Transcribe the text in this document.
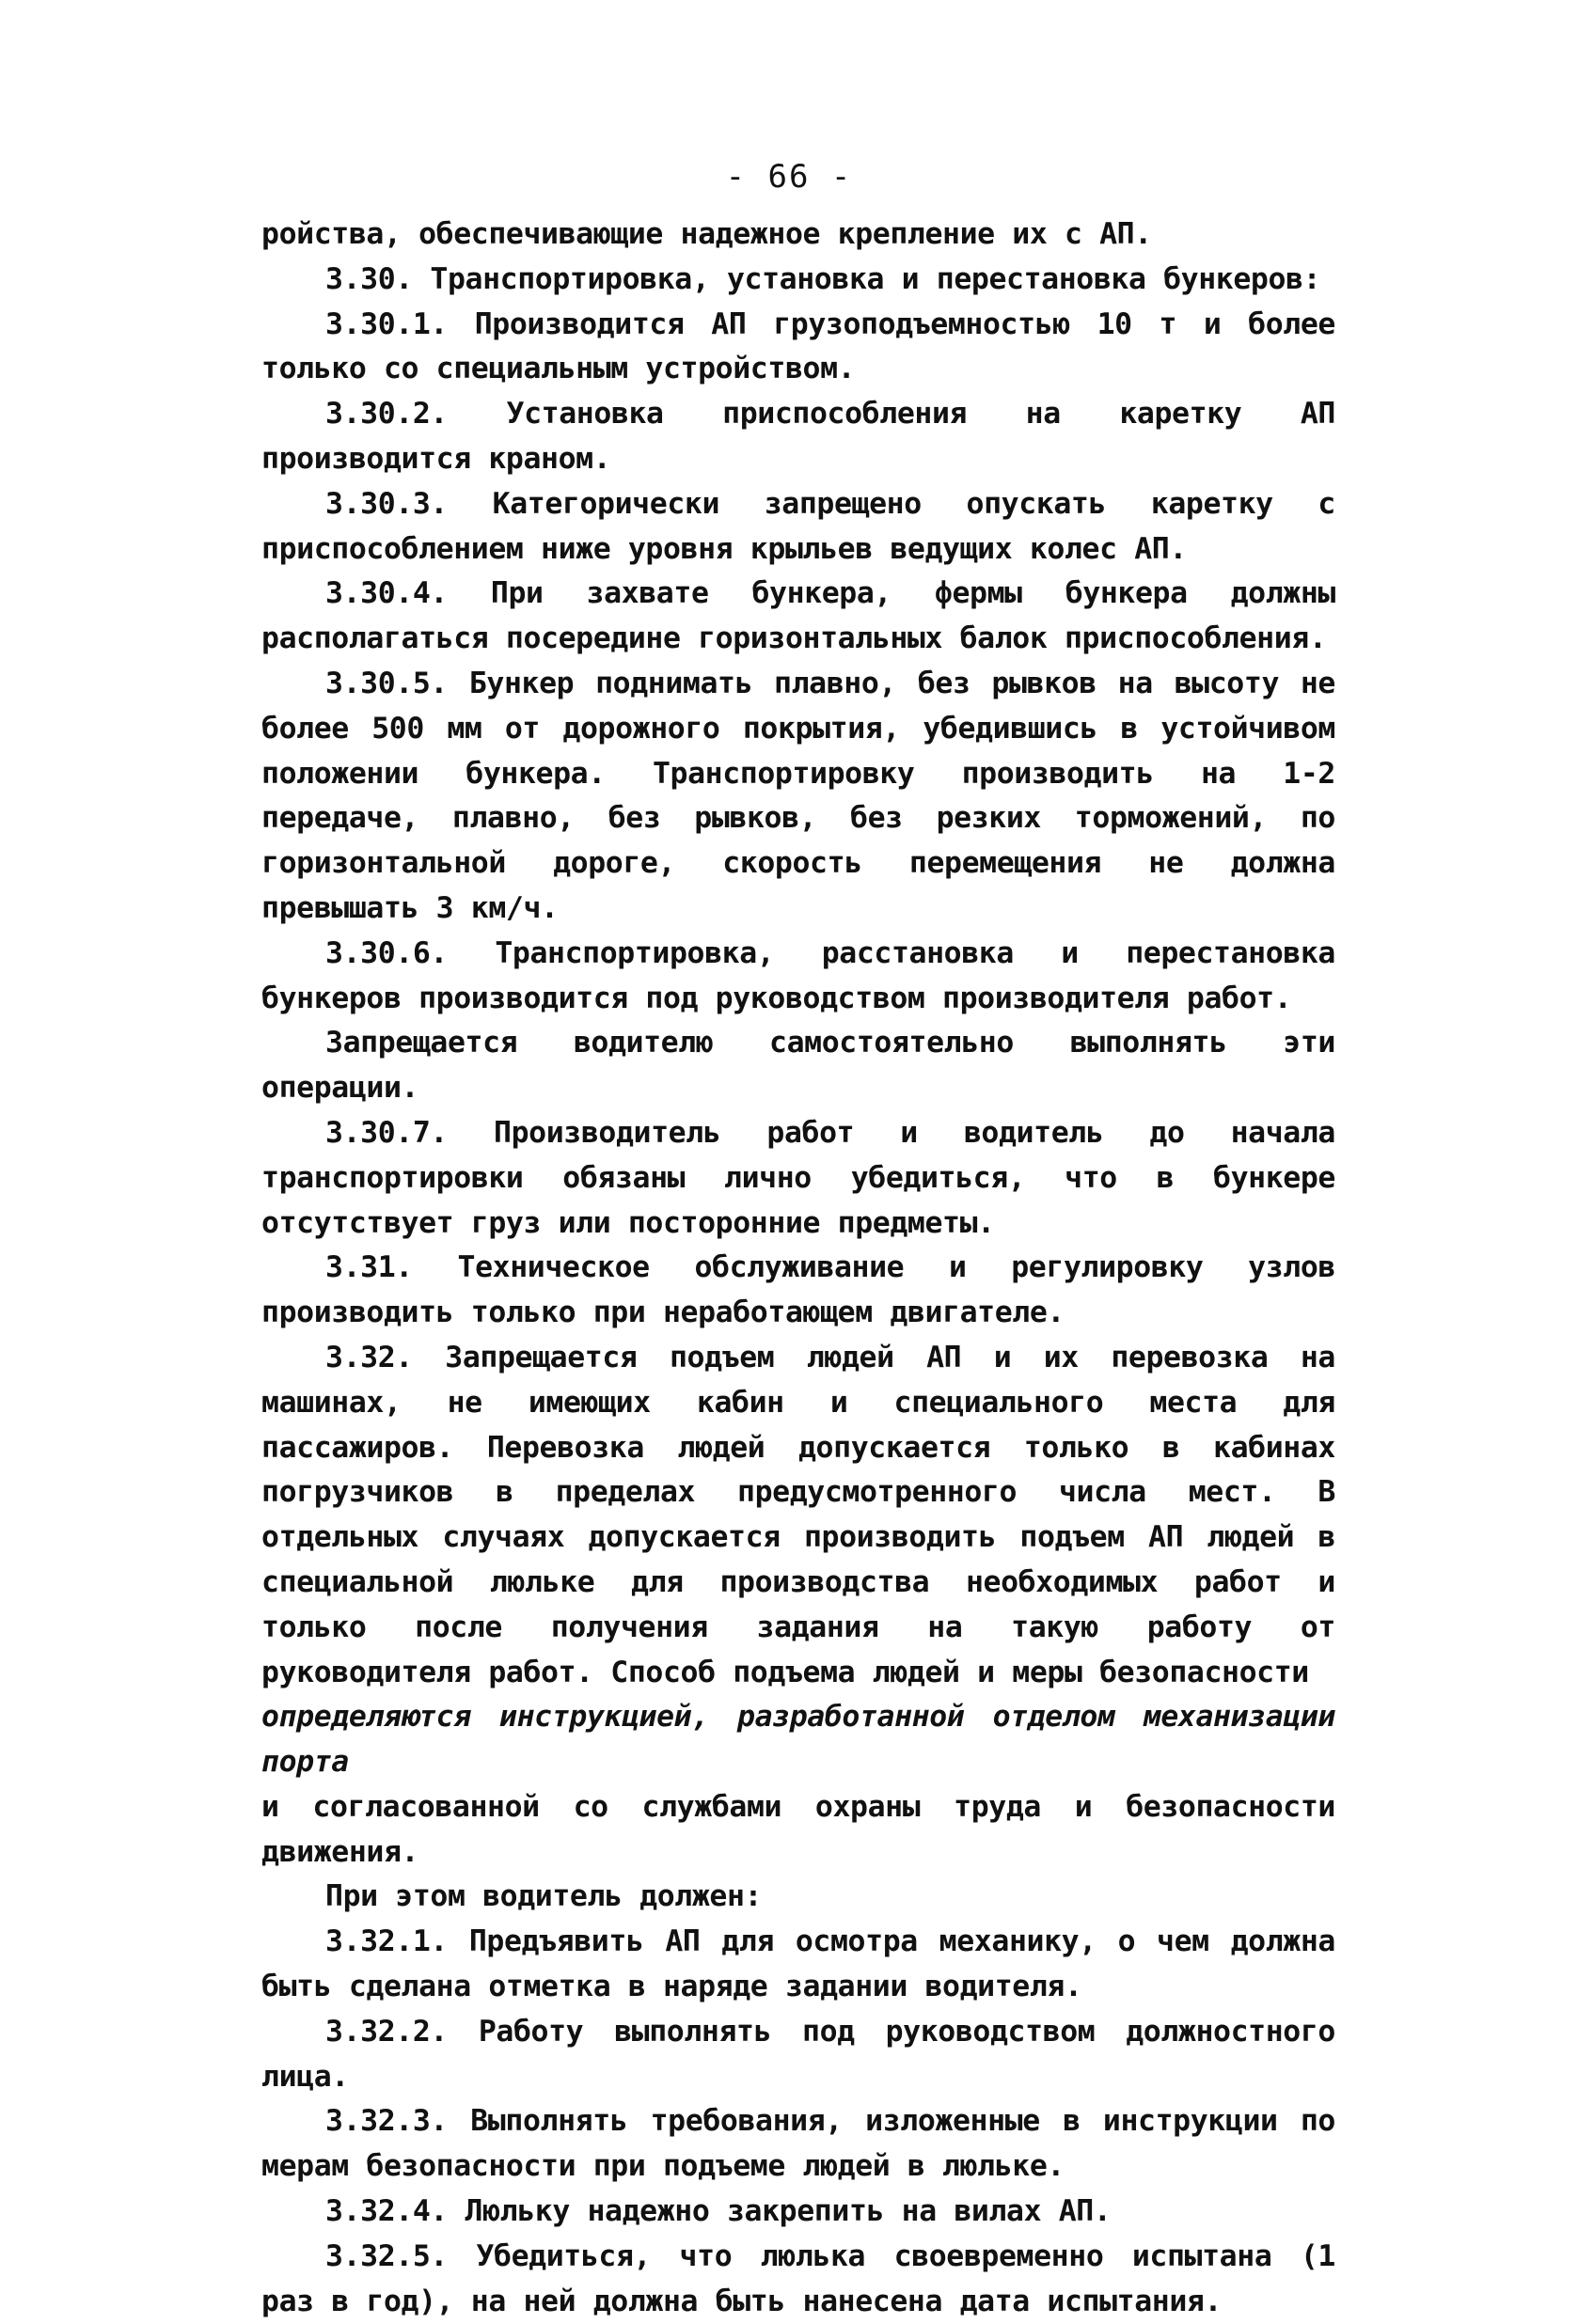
- 66 -

ройства, обеспечивающие надежное крепление их с АП.

3.30. Транспортировка, установка и перестановка бункеров:

3.30.1. Производится АП грузоподъемностью 10 т и более только со специальным устройством.

3.30.2. Установка приспособления на каретку АП производится краном.

3.30.3. Категорически запрещено опускать каретку с приспособлением ниже уровня крыльев ведущих колес АП.

3.30.4. При захвате бункера, фермы бункера должны располагаться посередине горизонтальных балок приспособления.

3.30.5. Бункер поднимать плавно, без рывков на высоту не более 500 мм от дорожного покрытия, убедившись в устойчивом положении бункера. Транспортировку производить на 1-2 передаче, плавно, без рывков, без резких торможений, по горизонтальной дороге, скорость перемещения не должна превышать 3 км/ч.

3.30.6. Транспортировка, расстановка и перестановка бункеров производится под руководством производителя работ.

Запрещается водителю самостоятельно выполнять эти операции.

3.30.7. Производитель работ и водитель до начала транспортировки обязаны лично убедиться, что в бункере отсутствует груз или посторонние предметы.

3.31. Техническое обслуживание и регулировку узлов производить только при неработающем двигателе.

3.32. Запрещается подъем людей АП и их перевозка на машинах, не имеющих кабин и специального места для пассажиров. Перевозка людей допускается только в кабинах погрузчиков в пределах предусмотренного числа мест. В отдельных случаях допускается производить подъем АП людей в специальной люльке для производства необходимых работ и только после получения задания на такую работу от руководителя работ. Способ подъема людей и меры безопасности

определяются инструкцией, разработанной отделом механизации порта

и согласованной со службами охраны труда и безопасности движения.

При этом водитель должен:

3.32.1. Предъявить АП для осмотра механику, о чем должна быть сделана отметка в наряде задании водителя.

3.32.2. Работу выполнять под руководством должностного лица.

3.32.3. Выполнять требования, изложенные в инструкции по мерам безопасности при подъеме людей в люльке.

3.32.4. Люльку надежно закрепить на вилах АП.

3.32.5. Убедиться, что люлька своевременно испытана (1 раз в год), на ней должна быть нанесена дата испытания.
